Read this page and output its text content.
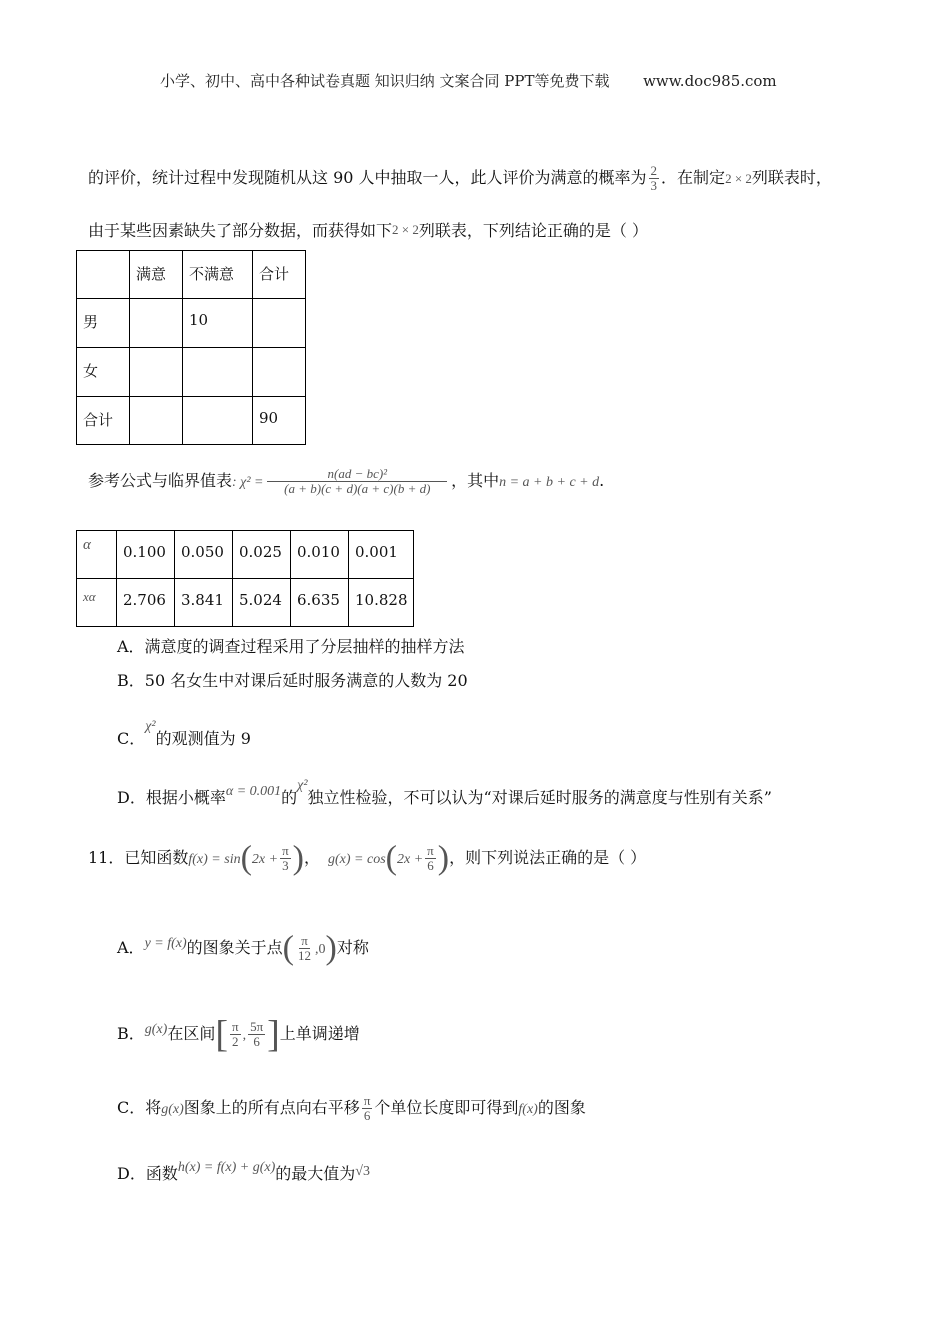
小学、初中、高中各种试卷真题 知识归纳 文案合同 PPT等免费下载 www.doc985.com
的评价，统计过程中发现随机从这 90 人中抽取一人，此人评价为满意的概率为 $\frac{2}{3}$ ．在制定2 × 2列联表时，
由于某些因素缺失了部分数据，而获得如下2 × 2列联表，下列结论正确的是（ ）
	满意	不满意	合计
男		10	
女			
合计			90
参考公式与临界值表: $\chi^2 = \frac{\text{n(ad − bc)²}}{(a + b)(c + d)(a + c)(b + d)}$ ，其中n = a + b + c + d.
α	0.100	0.050	0.025	0.010	0.001
xα	2.706	3.841	5.024	6.635	10.828
A．满意度的调查过程采用了分层抽样的抽样方法
B．50 名女生中对课后延时服务满意的人数为 20
C．χ²的观测值为 9
D．根据小概率α = 0.001的χ²独立性检验，不可以认为“对课后延时服务的满意度与性别有关系”
11．已知函数$f(x) = \sin(2x + \frac{\pi}{3}$ )， $g(x) = \cos(2x + \frac{\pi}{6}$ )，则下列说法正确的是（ ）
A．y = f(x)的图象关于点( $\frac{\pi}{12} ,0$)对称
B．g(x)在区间[ $\frac{\pi}{2}$ , $\frac{5\pi}{6}$ ]上单调递增
C．将g(x)图象上的所有点向右平移 $\frac{\pi}{6}$ 个单位长度即可得到f(x)的图象
D．函数h(x) = f(x) + g(x)的最大值为√3
